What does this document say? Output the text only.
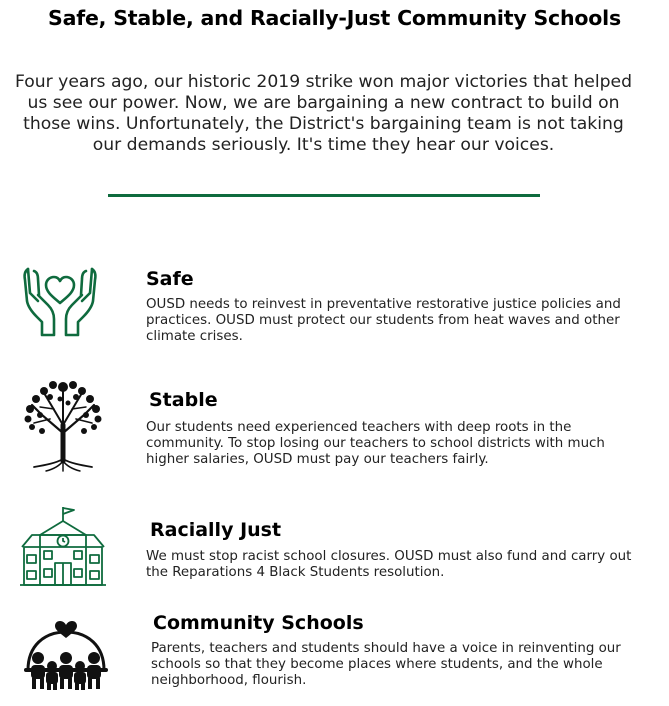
Safe, Stable, and Racially-Just Community Schools
Four years ago, our historic 2019 strike won major victories that helped us see our power. Now, we are bargaining a new contract to build on those wins. Unfortunately, the District's bargaining team is not taking our demands seriously. It's time they hear our voices.
Safe
OUSD needs to reinvest in preventative restorative justice policies and practices. OUSD must protect our students from heat waves and other climate crises.
Stable
Our students need experienced teachers with deep roots in the community. To stop losing our teachers to school districts with much higher salaries, OUSD must pay our teachers fairly.
Racially Just
We must stop racist school closures. OUSD must also fund and carry out the Reparations 4 Black Students resolution.
Community Schools
Parents, teachers and students should have a voice in reinventing our schools so that they become places where students, and the whole neighborhood, flourish.
